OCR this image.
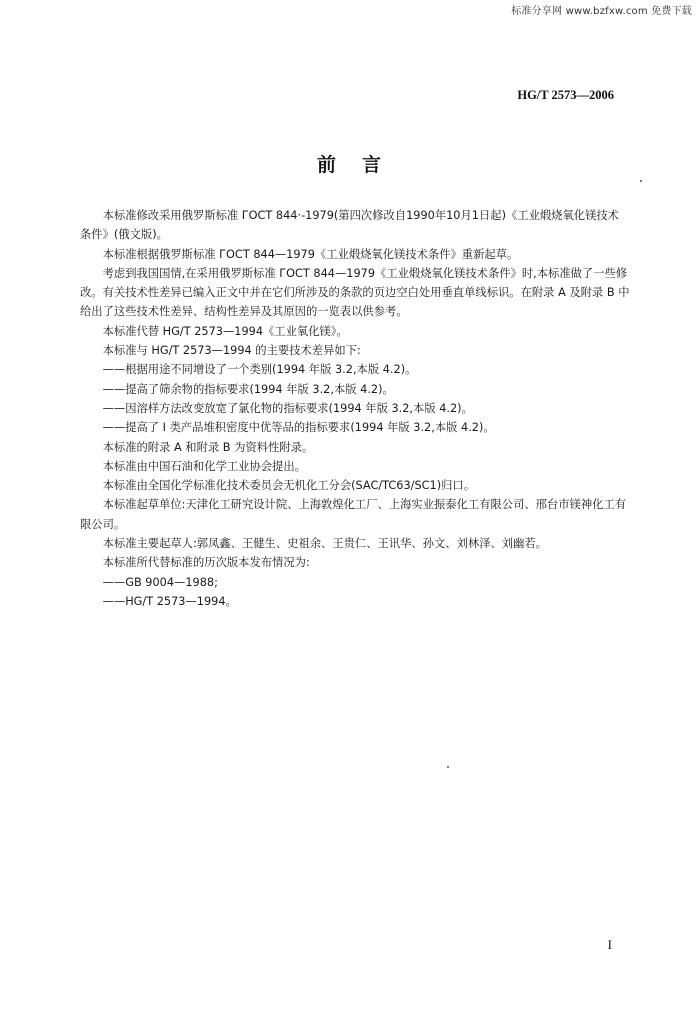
标准分享网 www.bzfxw.com 免费下载
HG/T 2573—2006
前言

本标准修改采用俄罗斯标准 ГОСТ 844·-1979(第四次修改自1990年10月1日起)《工业煅烧氧化镁技术条件》(俄文版)。

本标准根据俄罗斯标准 ГОСТ 844—1979《工业煅烧氧化镁技术条件》重新起草。

考虑到我国国情,在采用俄罗斯标准 ГОСТ 844—1979《工业煅烧氧化镁技术条件》时,本标准做了一些修改。有关技术性差异已编入正文中并在它们所涉及的条款的页边空白处用垂直单线标识。在附录 A 及附录 B 中给出了这些技术性差异、结构性差异及其原因的一览表以供参考。

本标准代替 HG/T 2573—1994《工业氧化镁》。

本标准与 HG/T 2573—1994 的主要技术差异如下:

——根据用途不同增设了一个类别(1994 年版 3.2,本版 4.2)。

——提高了筛余物的指标要求(1994 年版 3.2,本版 4.2)。

——因溶样方法改变放宽了氯化物的指标要求(1994 年版 3.2,本版 4.2)。

——提高了 I 类产品堆积密度中优等品的指标要求(1994 年版 3.2,本版 4.2)。

本标准的附录 A 和附录 B 为资料性附录。

本标准由中国石油和化学工业协会提出。

本标准由全国化学标准化技术委员会无机化工分会(SAC/TC63/SC1)归口。

本标准起草单位:天津化工研究设计院、上海敦煌化工厂、上海实业振泰化工有限公司、邢台市镁神化工有限公司。

本标准主要起草人:郭凤鑫、王健生、史祖余、王贵仁、王讯华、孙文、刘林泽、刘幽若。

本标准所代替标准的历次版本发布情况为:

——GB 9004—1988;

——HG/T 2573—1994。

I
